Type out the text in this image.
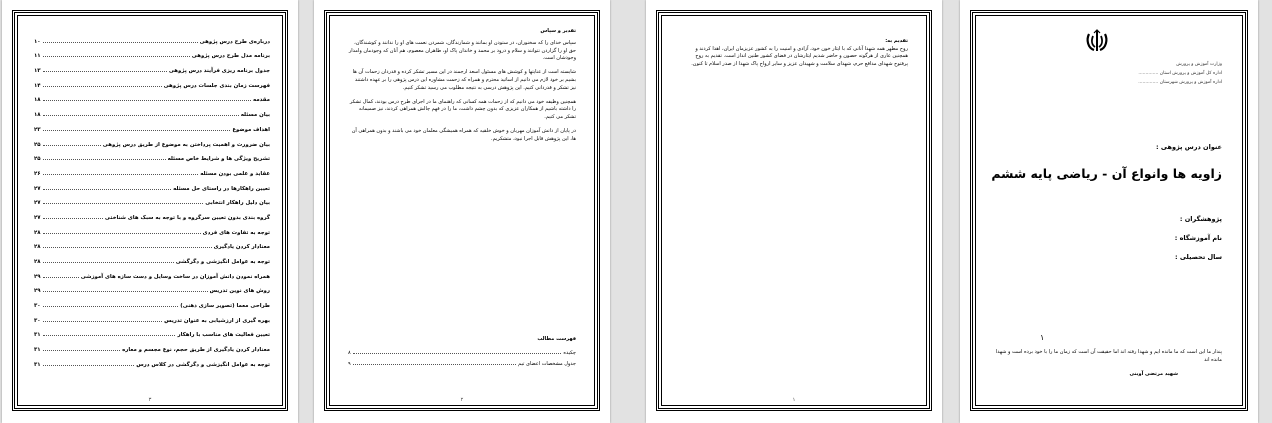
درباره‌ی طرح درس پژوهی
۱۰
برنامه مدل طرح درس پژوهی
۱۱
جدول برنامه ریزی فرآیند درس پژوهی
۱۳
فهرست زمان بندی جلسات درس پژوهی
۱۴
مقدمه
۱۸
بیان مسئله
۱۸
اهداف موضوع
۲۳
بیان ضرورت و اهمیت پرداختن به موضوع از طریق درس پژوهی
۲۵
تشریح ویژگی ها و شرایط خاص مسئله
۲۵
عقاید و علمی بودن مسئله
۲۶
تعیین راهکارها در راستای حل مسئله
۲۷
بیان دلیل راهکار انتخابی
۲۷
گروه بندی بدون تعیین سرگروه و با توجه به سبک های شناختی
۲۷
توجه به تفاوت های فردی
۲۸
معنادار کردن یادگیری
۲۸
توجه به عوامل انگیزشی و دگرگشی
۲۸
همراه نمودن دانش آموزان در ساخت وسایل و دست سازه های آموزشی
۲۹
روش های نوین تدریس
۲۹
طراحی معما (تصویر سازی ذهنی)
۳۰
بهره گیری از ارزشیابی به عنوان تدریس
۳۰
تعیین فعالیت های مناسب با راهکار
۳۱
معنادار کردن یادگیری از طریق حجم، نوع مجسم و معاره
۳۱
توجه به عوامل انگیزشی و دگرگشی در کلاس درس
۳۱
۳
تقدیر و سپاس

سپاس خدای را که سخنوران، در ستودن او بمانند و شمارندگان، شمردن نعمت های او را ندانند و کوشندگان، حق او را گزاردن نتوانند و سلام و درود بر محمد و خاندان پاک او، طاهران معصوم، هم آنان که وجودمان وامدار وجودشان است.

شایسته است از عنایتها و کوشش های مسئول اسعد ارجمند در این مسیر تشکر کرده و قدردان زحمات آن ها بشیم بر خود لازم می دانیم از اساتید محترم و همراه که زحمت مشاوره این درس پژوهی را بر عهده داشتند نیز تشکر و قدردانی کنیم. این پژوهش درسی به نتیجه مطلوب می رسید تشکر کنیم.

همچنین وظیفه خود می دانیم که از زحمات همه کسانی که راهنمای ما در اجرای طرح درس بودند، کمال تشکر را داشته باشیم از همکاران عزیزی که بدون چشم داشت، ما را در فهم چالش همراهی کردند، نیز صمیمانه تشکر می کنیم.

در پایان از دانش آموزان مهربان و خوش خلقیه که همراه همیشگی معلمان خود می باشند و بدون همراهی آن ها، این پژوهش قابل اجرا نبود، متشکریم.

فهرست مطالب
چکیده
۸
جدول مشخصات اعضای تیم
۹
۲
تقدیم به:
روح مطهر همه شهدا آنانی که با ایثار خون خود، آزادی و امنیت را به کشور عزیزمان ایران، اهدا کردند و همچنین عاری از هرگونه حصون و حاضر شدیم ایثارشان در فضای کشور طنین انداز است. تقدیم به روح پرفتوح شهدای مدافع حرم، شهدای سلامت و شهیدان عزیز و سایر ارواح پاک شهدا از صدر اسلام تا کنون.
۱
وزارت آموزش و پرورش
اداره کل آموزش و پرورش استان ..............
اداره آموزش و پرورش شهرستان ..............
عنوان درس پژوهی :
زاویه ها وانواع آن - ریاضی پایه ششم
پژوهشگران :
نام آموزشگاه :
سال تحصیلی :
۱
پندار ما این است که ما مانده ایم و شهدا رفته اند اما حقیقت آن است که زمان ما را با خود برده است و شهدا مانده اند
شهید مرتضی آوینی
